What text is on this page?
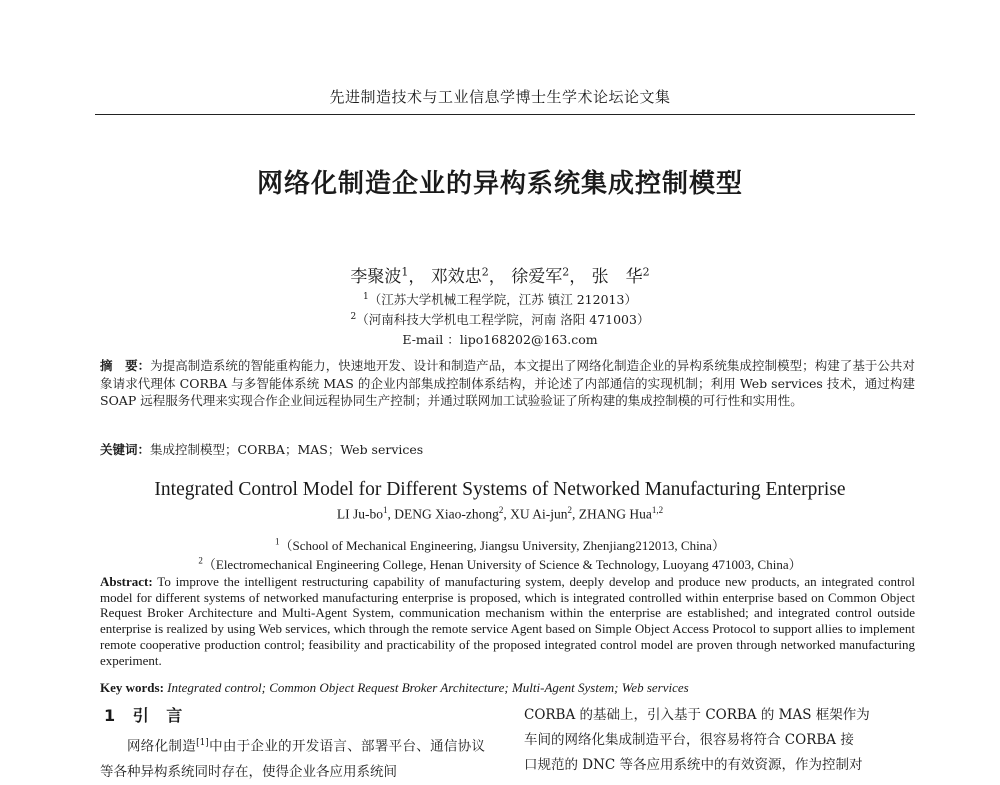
先进制造技术与工业信息学博士生学术论坛论文集
网络化制造企业的异构系统集成控制模型
李聚波$^1$， 邓效忠$^2$， 徐爱军$^2$， 张　华$^2$
$^1$（江苏大学机械工程学院，江苏 镇江 212013）
$^2$（河南科技大学机电工程学院，河南 洛阳 471003）
E-mail ：lipo168202@163.com
摘　要：为提高制造系统的智能重构能力，快速地开发、设计和制造产品，本文提出了网络化制造企业的异构系统集成控制模型；构建了基于公共对象请求代理体 CORBA 与多智能体系统 MAS 的企业内部集成控制体系结构，并论述了内部通信的实现机制；利用 Web services 技术，通过构建 SOAP 远程服务代理来实现合作企业间远程协同生产控制；并通过联网加工试验验证了所构建的集成控制模的可行性和实用性。
关键词：集成控制模型；CORBA；MAS；Web services
Integrated Control Model for Different Systems of Networked Manufacturing Enterprise
LI $Ju-bo^1$, DENG Xiao-zhong$^2$, XU Ai-jun$^2$, ZHANG Hua$^{1,2}$
$^1$（School of Mechanical Engineering, Jiangsu University, Zhenjiang212013, China）
$^2$（Electromechanical Engineering College, Henan University of Science & Technology, Luoyang 471003, China）
Abstract: To improve the intelligent restructuring capability of manufacturing system, deeply develop and produce new products, an integrated control model for different systems of networked manufacturing enterprise is proposed, which is integrated controlled within enterprise based on Common Object Request Broker Architecture and Multi-Agent System, communication mechanism within the enterprise are established; and integrated control outside enterprise is realized by using Web services, which through the remote service Agent based on Simple Object Access Protocol to support allies to implement remote cooperative production control; feasibility and practicability of the proposed integrated control model are proven through networked manufacturing experiment.
Key words: Integrated control; Common Object Request Broker Architecture; Multi-Agent System; Web services
1 引 言
网络化制造[1]中由于企业的开发语言、部署平台、通信协议等各种异构系统同时存在，使得企业各应用系统间
CORBA 的基础上，引入基于 CORBA 的 MAS 框架作为
车间的网络化集成制造平台，很容易将符合 CORBA 接
口规范的 DNC 等各应用系统中的有效资源，作为控制对
